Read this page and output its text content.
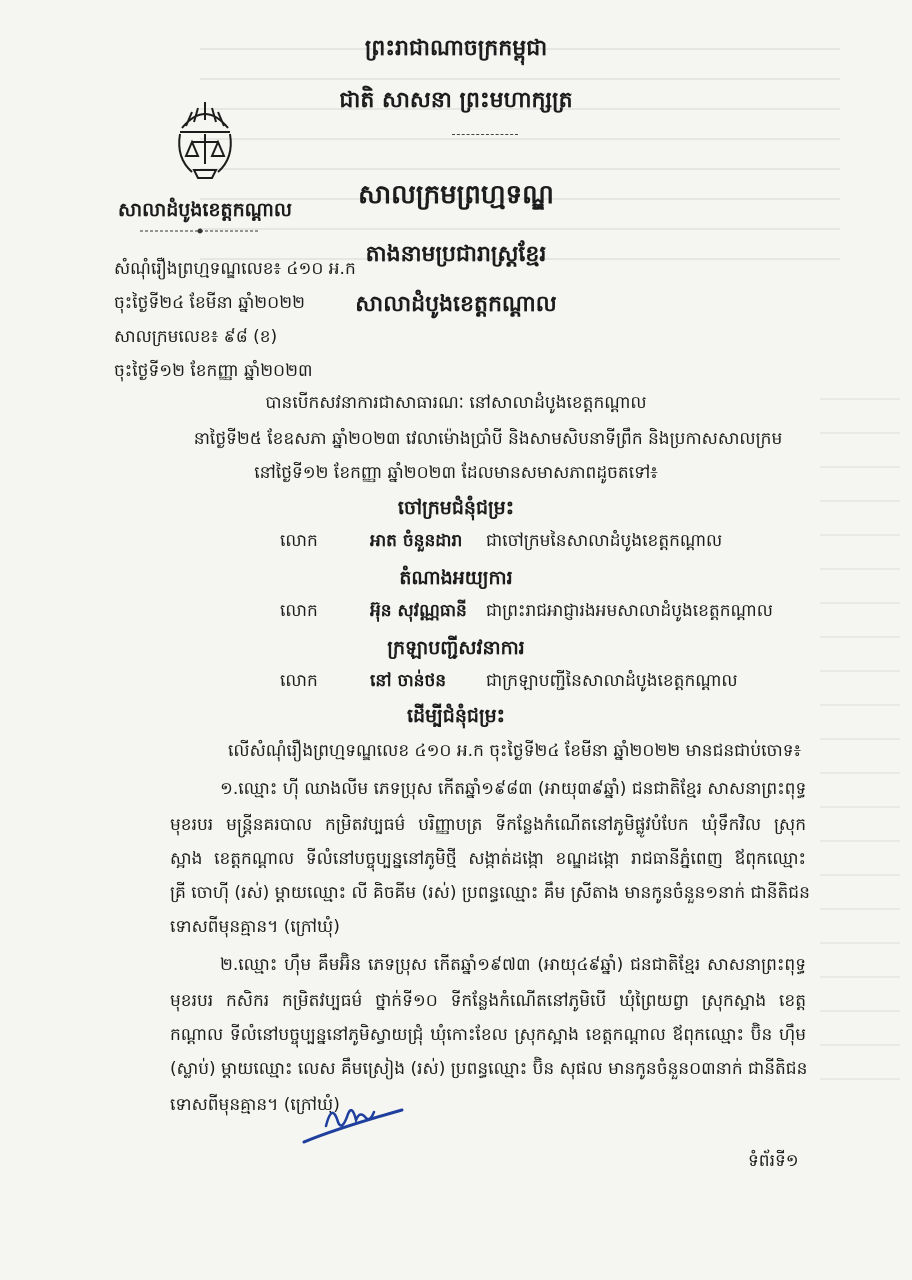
ព្រះរាជាណាចក្រកម្ពុជា
ជាតិ សាសនា ព្រះមហាក្សត្រ
សាលាដំបូងខេត្តកណ្តាល	សាលក្រមព្រហ្មទណ្ឌ
តាងនាមប្រជារាស្ត្រខ្មែរ
សាលាដំបូងខេត្តកណ្តាល
សំណុំរឿងព្រហ្មទណ្ឌលេខ៖ ៤១០ អ.ក
ចុះថ្ងៃទី២៤ ខែមីនា ឆ្នាំ២០២២
សាលក្រមលេខ៖ ៩៨ (ខ)
ចុះថ្ងៃទី១២ ខែកញ្ញា ឆ្នាំ២០២៣
បានបើកសវនាការជាសាធារណៈ នៅសាលាដំបូងខេត្តកណ្តាល
នាថ្ងៃទី២៥ ខែឧសភា ឆ្នាំ២០២៣ វេលាម៉ោងប្រាំបី និងសាមសិបនាទីព្រឹក និងប្រកាសសាលក្រម
នៅថ្ងៃទី១២ ខែកញ្ញា ឆ្នាំ២០២៣ ដែលមានសមាសភាពដូចតទៅ៖
ចៅក្រមជំនុំជម្រះ
លោក	អាត ចំនួនដារា ជាចៅក្រមនៃសាលាដំបូងខេត្តកណ្តាល
តំណាងអយ្យការ
លោក	អ៊ុន សុវណ្ណធានី ជាព្រះរាជអាជ្ញារងអមសាលាដំបូងខេត្តកណ្តាល
ក្រឡាបញ្ជីសវនាការ
លោក	នៅ ចាន់ថន ជាក្រឡាបញ្ជីនៃសាលាដំបូងខេត្តកណ្តាល
ដើម្បីជំនុំជម្រះ
លើសំណុំរឿងព្រហ្មទណ្ឌលេខ ៤១០ អ.ក ចុះថ្ងៃទី២៤ ខែមីនា ឆ្នាំ២០២២ មានជនជាប់ចោទ៖
១.ឈ្មោះ ហ៊ី ឈាងលីម ភេទប្រុស កើតឆ្នាំ១៩៨៣ (អាយុ៣៩ឆ្នាំ) ជនជាតិខ្មែរ សាសនាព្រះពុទ្ធ
មុខរបរ មន្ត្រីនគរបាល កម្រិតវប្បធម៌ បរិញ្ញាបត្រ ទីកន្លែងកំណើតនៅភូមិផ្លូវបំបែក ឃុំទឹកវិល ស្រុក
ស្អាង ខេត្តកណ្តាល ទីលំនៅបច្ចុប្បន្ននៅភូមិថ្មី សង្កាត់ដង្កោ ខណ្ឌដង្កោ រាជធានីភ្នំពេញ ឪពុកឈ្មោះ
គ្រី ចោហ៊ី (រស់) ម្តាយឈ្មោះ លី គិចគីម (រស់) ប្រពន្ធឈ្មោះ គឹម ស្រីតាង មានកូនចំនួន១នាក់ ជានីតិជន
ទោសពីមុនគ្មាន។ (ក្រៅឃុំ)
២.ឈ្មោះ ហ៊ឹម គឹមអ៊ិន ភេទប្រុស កើតឆ្នាំ១៩៧៣ (អាយុ៤៩ឆ្នាំ) ជនជាតិខ្មែរ សាសនាព្រះពុទ្ធ
មុខរបរ កសិករ កម្រិតវប្បធម៌ ថ្នាក់ទី១០ ទីកន្លែងកំណើតនៅភូមិបើ ឃុំព្រៃយព្វា ស្រុកស្អាង ខេត្ត
កណ្តាល ទីលំនៅបច្ចុប្បន្ននៅភូមិស្វាយជ្រុំ ឃុំកោះខែល ស្រុកស្អាង ខេត្តកណ្តាល ឪពុកឈ្មោះ ប៊ិន ហ៊ឹម
(ស្លាប់) ម្តាយឈ្មោះ លេស គឹមស្រៀង (រស់) ប្រពន្ធឈ្មោះ ប៊ិន សុផល មានកូនចំនួន០៣នាក់ ជានីតិជន
ទោសពីមុនគ្មាន។ (ក្រៅឃុំ)
ទំព័រទី១
